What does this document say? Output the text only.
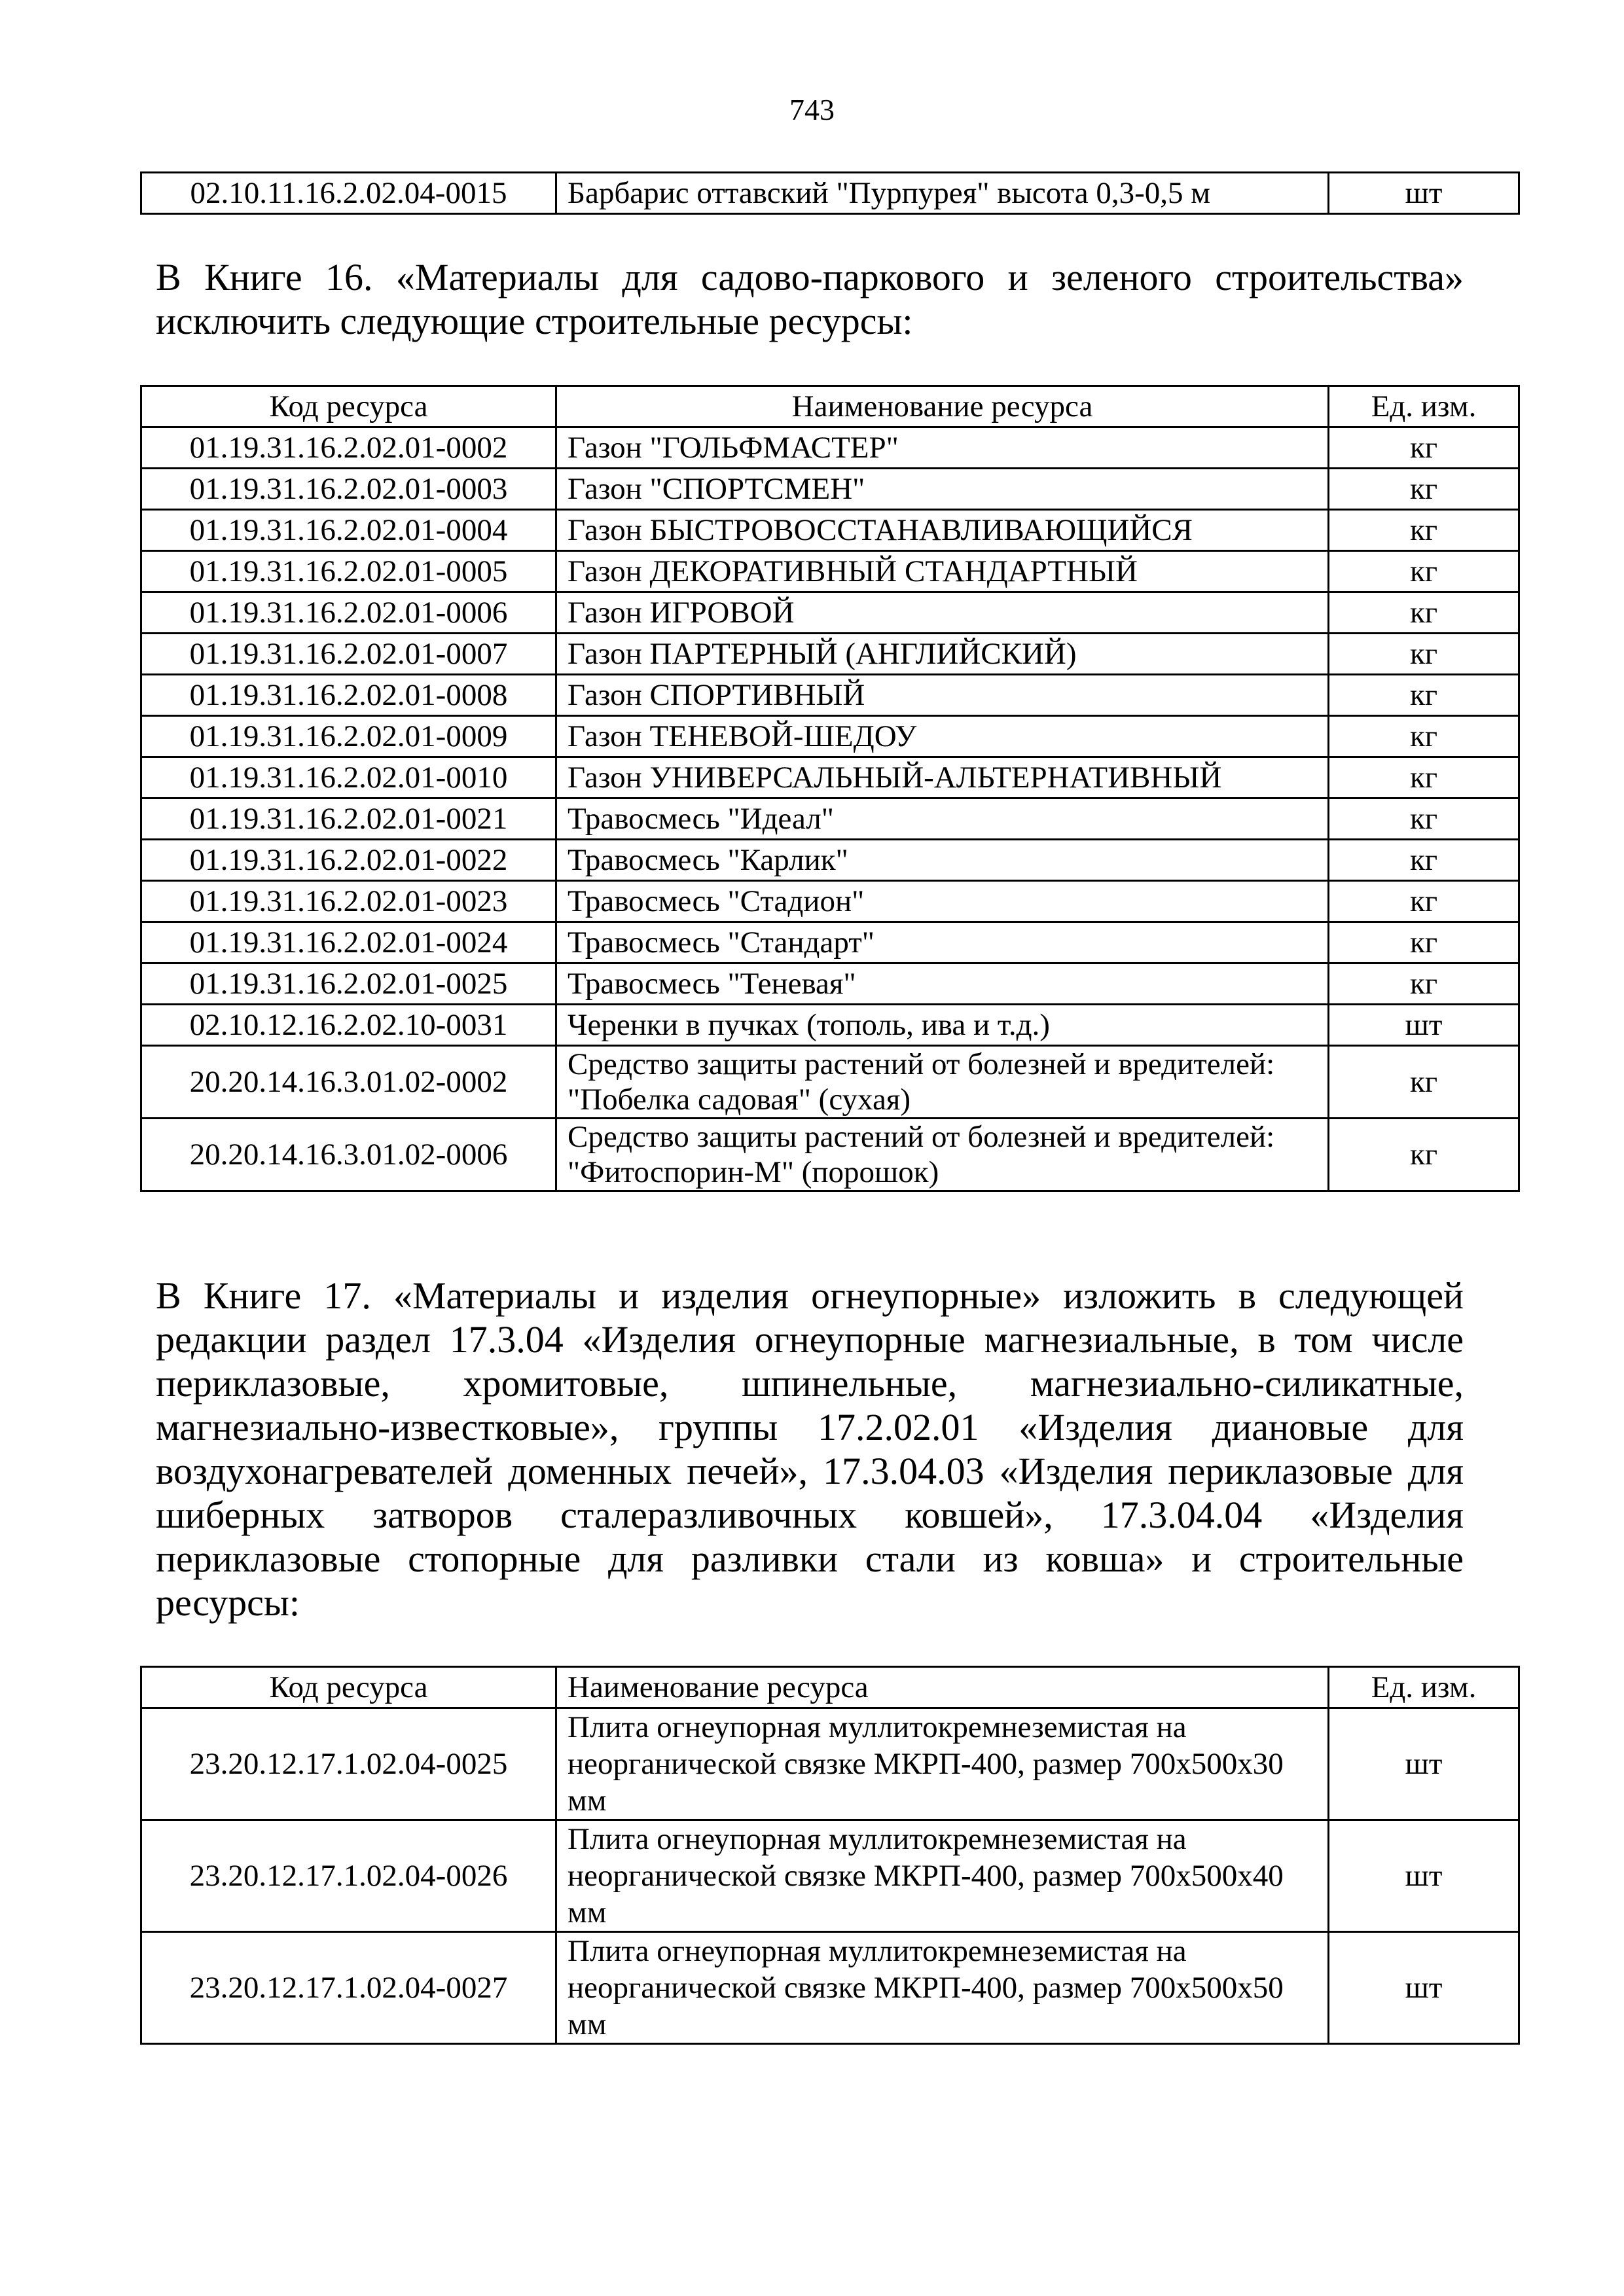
743
02.10.11.16.2.02.04-0015	Барбарис оттавский "Пурпурея" высота 0,3-0,5 м	шт

В Книге 16. «Материалы для садово-паркового и зеленого строительства» исключить следующие строительные ресурсы:

Код ресурса	Наименование ресурса	Ед. изм.
01.19.31.16.2.02.01-0002	Газон "ГОЛЬФМАСТЕР"	кг
01.19.31.16.2.02.01-0003	Газон "СПОРТСМЕН"	кг
01.19.31.16.2.02.01-0004	Газон БЫСТРОВОССТАНАВЛИВАЮЩИЙСЯ	кг
01.19.31.16.2.02.01-0005	Газон ДЕКОРАТИВНЫЙ СТАНДАРТНЫЙ	кг
01.19.31.16.2.02.01-0006	Газон ИГРОВОЙ	кг
01.19.31.16.2.02.01-0007	Газон ПАРТЕРНЫЙ (АНГЛИЙСКИЙ)	кг
01.19.31.16.2.02.01-0008	Газон СПОРТИВНЫЙ	кг
01.19.31.16.2.02.01-0009	Газон ТЕНЕВОЙ-ШЕДОУ	кг
01.19.31.16.2.02.01-0010	Газон УНИВЕРСАЛЬНЫЙ-АЛЬТЕРНАТИВНЫЙ	кг
01.19.31.16.2.02.01-0021	Травосмесь "Идеал"	кг
01.19.31.16.2.02.01-0022	Травосмесь "Карлик"	кг
01.19.31.16.2.02.01-0023	Травосмесь "Стадион"	кг
01.19.31.16.2.02.01-0024	Травосмесь "Стандарт"	кг
01.19.31.16.2.02.01-0025	Травосмесь "Теневая"	кг
02.10.12.16.2.02.10-0031	Черенки в пучках (тополь, ива и т.д.)	шт
20.20.14.16.3.01.02-0002	Средство защиты растений от болезней и вредителей: "Побелка садовая" (сухая)	кг
20.20.14.16.3.01.02-0006	Средство защиты растений от болезней и вредителей: "Фитоспорин-М" (порошок)	кг

В Книге 17. «Материалы и изделия огнеупорные» изложить в следующей редакции раздел 17.3.04 «Изделия огнеупорные магнезиальные, в том числе периклазовые, хромитовые, шпинельные, магнезиально-силикатные, магнезиально-известковые», группы 17.2.02.01 «Изделия диановые для воздухонагревателей доменных печей», 17.3.04.03 «Изделия периклазовые для шиберных затворов сталеразливочных ковшей», 17.3.04.04 «Изделия периклазовые стопорные для разливки стали из ковша» и строительные ресурсы:

Код ресурса	Наименование ресурса	Ед. изм.
23.20.12.17.1.02.04-0025	Плита огнеупорная муллитокремнеземистая на неорганической связке МКРП-400, размер 700х500х30 мм	шт
23.20.12.17.1.02.04-0026	Плита огнеупорная муллитокремнеземистая на неорганической связке МКРП-400, размер 700х500х40 мм	шт
23.20.12.17.1.02.04-0027	Плита огнеупорная муллитокремнеземистая на неорганической связке МКРП-400, размер 700х500х50 мм	шт
